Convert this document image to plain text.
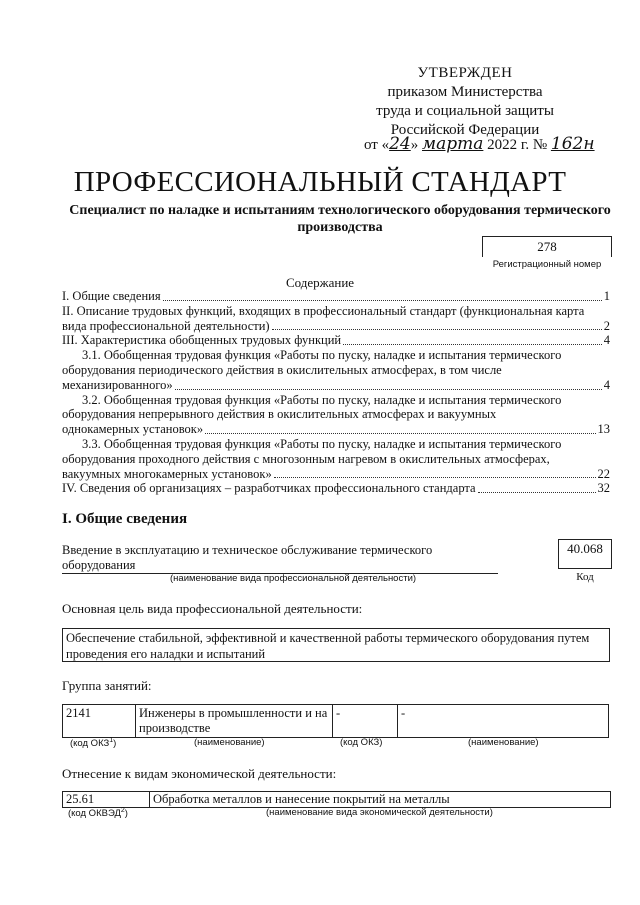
УТВЕРЖДЕН
приказом Министерства
труда и социальной защиты
Российской Федерации
от «24» марта 2022 г. № 162н
ПРОФЕССИОНАЛЬНЫЙ СТАНДАРТ
Специалист по наладке и испытаниям технологического оборудования термического производства
278
Регистрационный номер
Содержание
I. Общие сведения	1
II. Описание трудовых функций, входящих в профессиональный стандарт (функциональная карта
вида профессиональной деятельности)	2
III. Характеристика обобщенных трудовых функций	4
3.1. Обобщенная трудовая функция «Работы по пуску, наладке и испытания термического
оборудования периодического действия в окислительных атмосферах, в том числе
механизированного»	4
3.2. Обобщенная трудовая функция «Работы по пуску, наладке и испытания термического
оборудования непрерывного действия в окислительных атмосферах и вакуумных
однокамерных установок»	13
3.3. Обобщенная трудовая функция «Работы по пуску, наладке и испытания термического
оборудования проходного действия с многозонным нагревом в окислительных атмосферах,
вакуумных многокамерных установок»	22
IV. Сведения об организациях – разработчиках профессионального стандарта	32
I. Общие сведения
Введение в эксплуатацию и техническое обслуживание термического оборудования
40.068
Код
(наименование вида профессиональной деятельности)
Основная цель вида профессиональной деятельности:
Обеспечение стабильной, эффективной и качественной работы термического оборудования путем проведения его наладки и испытаний
Группа занятий:
2141	Инженеры в промышленности и на производстве	-	-
(код ОКЗ$^1$)	(наименование)	(код ОКЗ)	(наименование)
Отнесение к видам экономической деятельности:
25.61	Обработка металлов и нанесение покрытий на металлы
(код ОКВЭД$^2$)	(наименование вида экономической деятельности)
